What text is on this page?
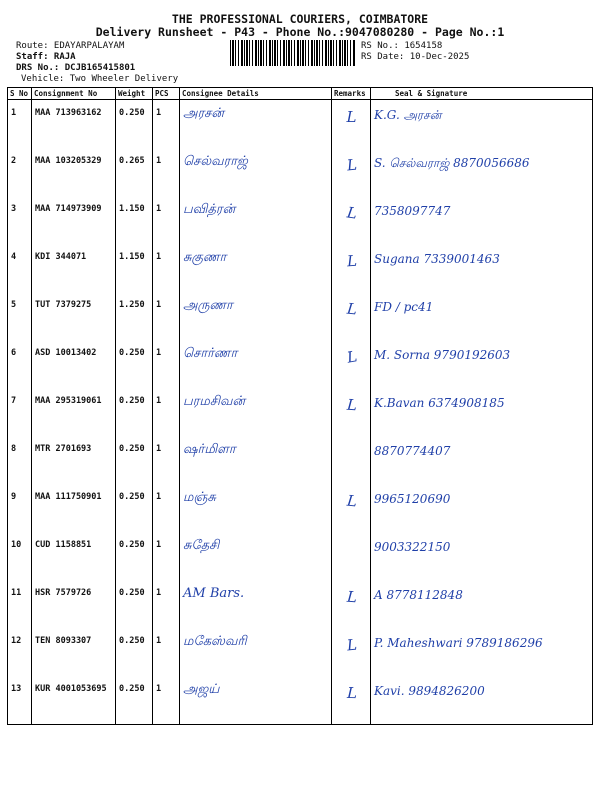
THE PROFESSIONAL COURIERS, COIMBATORE
Delivery Runsheet - P43 - Phone No.:9047080280 - Page No.:1
Route: EDAYARPALAYAM
Staff: RAJA
DRS No.: DCJB165415801
Vehicle: Two Wheeler Delivery
RS No.: 1654158
RS Date: 10-Dec-2025
S No	Consignment No	Weight	PCS	Consignee Details	Remarks	Seal & Signature
1	MAA 713963162	0.250	1	அரசன்	L	K.G. அரசன்

2	MAA 103205329	0.265	1	செல்வராஜ்	L	S. செல்வராஜ் 8870056686

3	MAA 714973909	1.150	1	பவித்ரன்	L	7358097747

4	KDI 344071	1.150	1	சுகுணா	L	Sugana 7339001463

5	TUT 7379275	1.250	1	அருணா	L	FD / pc41

6	ASD 10013402	0.250	1	சொர்ணா	L	M. Sorna 9790192603

7	MAA 295319061	0.250	1	பரமசிவன்	L	K.Bavan 6374908185

8	MTR 2701693	0.250	1	ஷர்மிளா		8870774407

9	MAA 111750901	0.250	1	மஞ்சு	L	9965120690

10	CUD 1158851	0.250	1	சுதேசி		9003322150

11	HSR 7579726	0.250	1	AM Bars.	L	A 8778112848

12	TEN 8093307	0.250	1	மகேஸ்வரி	L	P. Maheshwari 9789186296

13	KUR 4001053695	0.250	1	அஜய்	L	Kavi. 9894826200
